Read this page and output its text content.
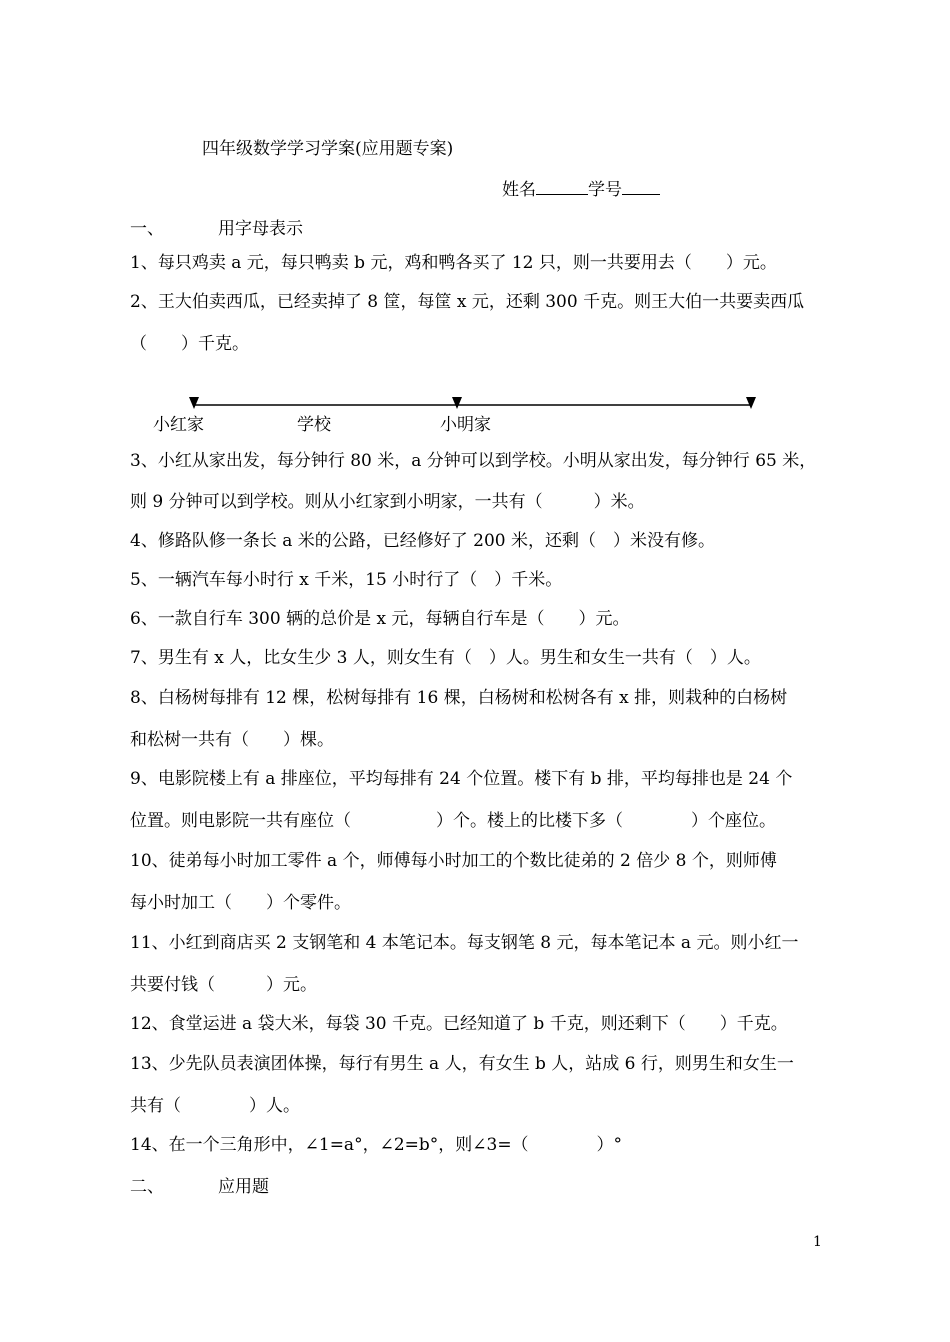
四年级数学学习学案(应用题专案)
姓名	学号
一、	用字母表示
1、每只鸡卖 a 元，每只鸭卖 b 元，鸡和鸭各买了 12 只，则一共要用去（　　）元。
2、王大伯卖西瓜，已经卖掉了 8 筐，每筐 x 元，还剩 300 千克。则王大伯一共要卖西瓜
（　　）千克。
小红家	学校	小明家
3、小红从家出发，每分钟行 80 米，a 分钟可以到学校。小明从家出发，每分钟行 65 米，
则 9 分钟可以到学校。则从小红家到小明家，一共有（　　　）米。
4、修路队修一条长 a 米的公路，已经修好了 200 米，还剩（　）米没有修。
5、一辆汽车每小时行 x 千米，15 小时行了（　）千米。
6、一款自行车 300 辆的总价是 x 元，每辆自行车是（　　）元。
7、男生有 x 人，比女生少 3 人，则女生有（　）人。男生和女生一共有（　）人。
8、白杨树每排有 12 棵，松树每排有 16 棵，白杨树和松树各有 x 排，则栽种的白杨树
和松树一共有（　　）棵。
9、电影院楼上有 a 排座位，平均每排有 24 个位置。楼下有 b 排，平均每排也是 24 个
位置。则电影院一共有座位（　　　　　）个。楼上的比楼下多（　　　　）个座位。
10、徒弟每小时加工零件 a 个，师傅每小时加工的个数比徒弟的 2 倍少 8 个，则师傅
每小时加工（　　）个零件。
11、小红到商店买 2 支钢笔和 4 本笔记本。每支钢笔 8 元，每本笔记本 a 元。则小红一
共要付钱（　　　）元。
12、食堂运进 a 袋大米，每袋 30 千克。已经知道了 b 千克，则还剩下（　　）千克。
13、少先队员表演团体操，每行有男生 a 人，有女生 b 人，站成 6 行，则男生和女生一
共有（　　　　）人。
14、在一个三角形中，∠1=a°，∠2=b°，则∠3=（　　　　）°
二、	应用题
1
